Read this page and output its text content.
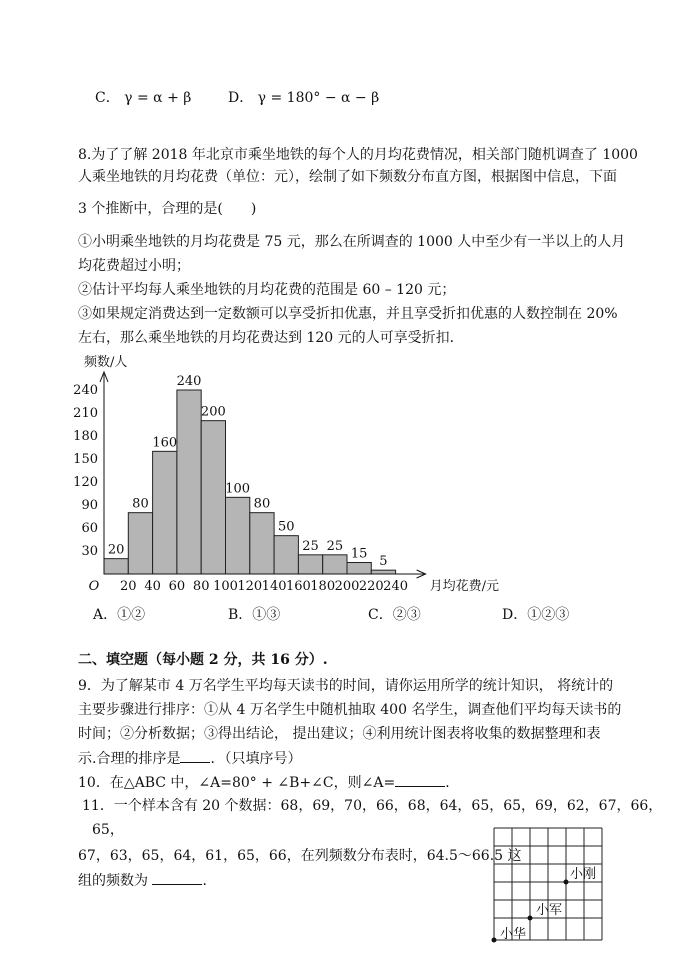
C． γ = α + β	D． γ = 180° − α − β
8.为了了解 2018 年北京市乘坐地铁的每个人的月均花费情况，相关部门随机调查了 1000
人乘坐地铁的月均花费（单位：元），绘制了如下频数分布直方图，根据图中信息，下面
3 个推断中，合理的是(　　)
①小明乘坐地铁的月均花费是 75 元，那么在所调查的 1000 人中至少有一半以上的人月
均花费超过小明；
②估计平均每人乘坐地铁的月均花费的范围是 60 – 120 元；
③如果规定消费达到一定数额可以享受折扣优惠，并且享受折扣优惠的人数控制在 20%
左右，那么乘坐地铁的月均花费达到 120 元的人可享受折扣．
频数/人
20
80
160
240
200
100
80
50
25 25
15
5
30
60
90
120
150
180
210
240
O 20 40 60 80 100 120 140 160 180 200 220 240 月均花费/元
A．①②	B．①③	C．②③	D．①②③
二、填空题（每小题 2 分，共 16 分）.
9．为了解某市 4 万名学生平均每天读书的时间，请你运用所学的统计知识， 将统计的
主要步骤进行排序：①从 4 万名学生中随机抽取 400 名学生，调查他们平均每天读书的
时间；②分析数据；③得出结论， 提出建议；④利用统计图表将收集的数据整理和表
示.合理的排序是 ．（只填序号）
10．在△ABC 中，∠A=80° + ∠B+∠C，则∠A=	．
11．一个样本含有 20 个数据：68，69，70，66，68，64，65，65，69，62，67，66，
65，
67，63，65，64，61，65，66，在列频数分布表时，64.5～66.5 这
组的频数为	．	小刚
小军
小华
